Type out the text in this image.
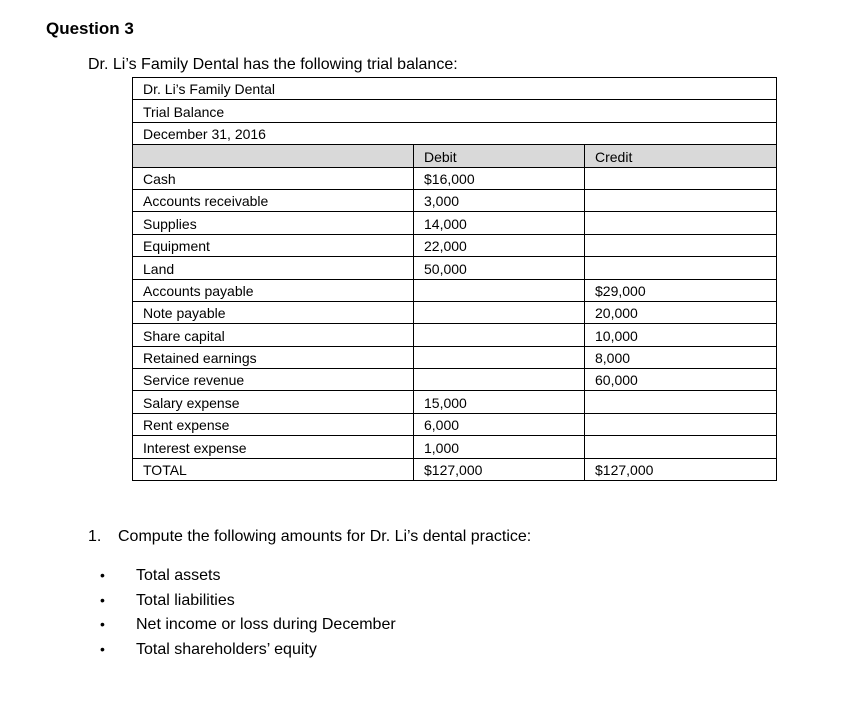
Question 3
Dr. Li’s Family Dental has the following trial balance:
Dr. Li’s Family Dental		
Trial Balance		
December 31, 2016		
	Debit	Credit
Cash	$16,000	
Accounts receivable	3,000	
Supplies	14,000	
Equipment	22,000	
Land	50,000	
Accounts payable		$29,000
Note payable		20,000
Share capital		10,000
Retained earnings		8,000
Service revenue		60,000
Salary expense	15,000	
Rent expense	6,000	
Interest expense	1,000	
TOTAL	$127,000	$127,000
1. Compute the following amounts for Dr. Li’s dental practice:
• Total assets
• Total liabilities
• Net income or loss during December
• Total shareholders’ equity
